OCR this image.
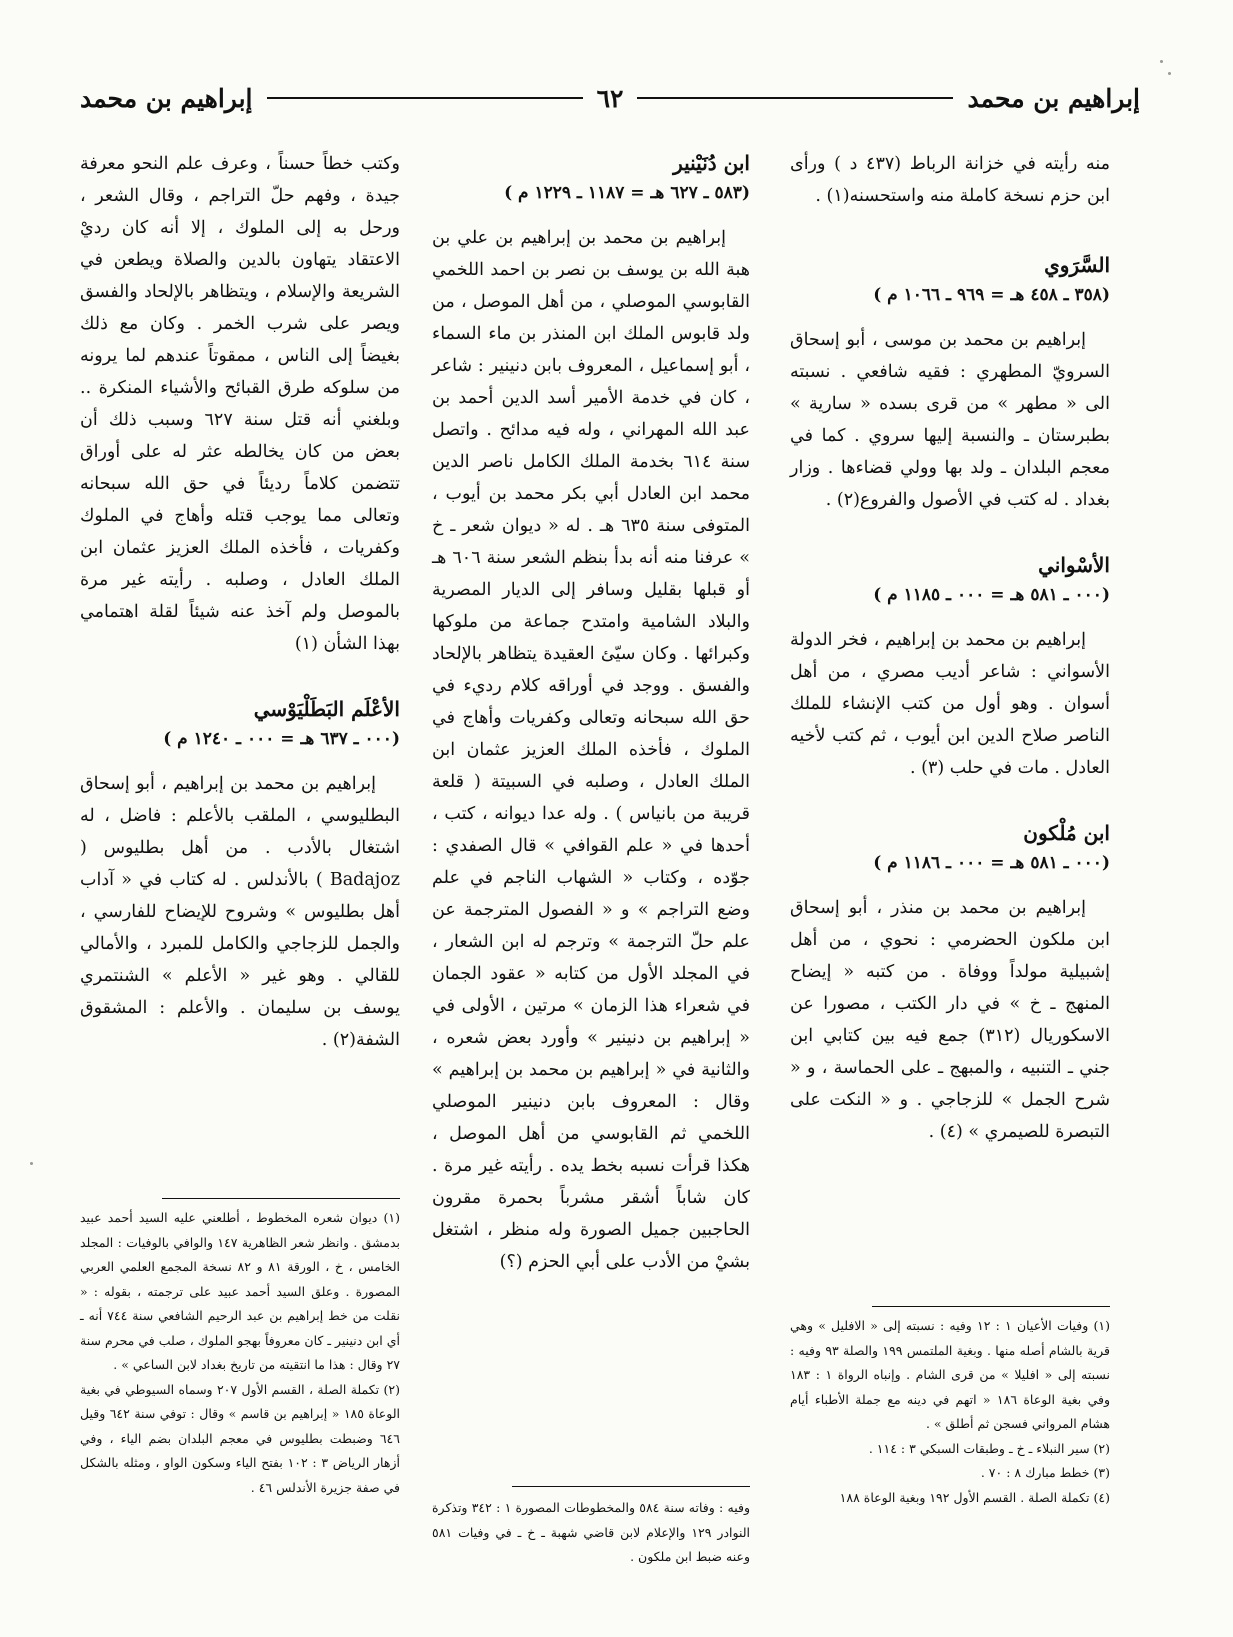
إبراهيم بن محمد
٦٢
إبراهيم بن محمد

منه رأيته في خزانة الرباط (٤٣٧ د ) ورأى ابن حزم نسخة كاملة منه واستحسنه(١) .

السَّرَوي

(٣٥٨ ـ ٤٥٨ هـ = ٩٦٩ ـ ١٠٦٦ م )

إبراهيم بن محمد بن موسى ، أبو إسحاق السرويّ المطهري : فقيه شافعي . نسبته الى « مطهر » من قرى بسده « سارية » بطبرستان ـ والنسبة إليها سروي . كما في معجم البلدان ـ ولد بها وولي قضاءها . وزار بغداد . له كتب في الأصول والفروع(٢) .

الأسْواني

(٠٠٠ ـ ٥٨١ هـ = ٠٠٠ ـ ١١٨٥ م )

إبراهيم بن محمد بن إبراهيم ، فخر الدولة الأسواني : شاعر أديب مصري ، من أهل أسوان . وهو أول من كتب الإنشاء للملك الناصر صلاح الدين ابن أيوب ، ثم كتب لأخيه العادل . مات في حلب (٣) .

ابن مُلْكون

(٠٠٠ ـ ٥٨١ هـ = ٠٠٠ ـ ١١٨٦ م )

إبراهيم بن محمد بن منذر ، أبو إسحاق ابن ملكون الحضرمي : نحوي ، من أهل إشبيلية مولداً ووفاة . من كتبه « إيضاح المنهج ـ خ » في دار الكتب ، مصورا عن الاسكوريال (٣١٢) جمع فيه بين كتابي ابن جني ـ التنبيه ، والمبهج ـ على الحماسة ، و « شرح الجمل » للزجاجي . و « النكت على التبصرة للصيمري » (٤) .

ابن دُنَيْنير

(٥٨٣ ـ ٦٢٧ هـ = ١١٨٧ ـ ١٢٢٩ م )

إبراهيم بن محمد بن إبراهيم بن علي بن هبة الله بن يوسف بن نصر بن احمد اللخمي القابوسي الموصلي ، من أهل الموصل ، من ولد قابوس الملك ابن المنذر بن ماء السماء ، أبو إسماعيل ، المعروف بابن دنينير : شاعر ، كان في خدمة الأمير أسد الدين أحمد بن عبد الله المهراني ، وله فيه مدائح . واتصل سنة ٦١٤ بخدمة الملك الكامل ناصر الدين محمد ابن العادل أبي بكر محمد بن أيوب ، المتوفى سنة ٦٣٥ هـ . له « ديوان شعر ـ خ » عرفنا منه أنه بدأ بنظم الشعر سنة ٦٠٦ هـ أو قبلها بقليل وسافر إلى الديار المصرية والبلاد الشامية وامتدح جماعة من ملوكها وكبرائها . وكان سيّئ العقيدة يتظاهر بالإلحاد والفسق . ووجد في أوراقه كلام رديء في حق الله سبحانه وتعالى وكفريات وأهاج في الملوك ، فأخذه الملك العزيز عثمان ابن الملك العادل ، وصلبه في السبيتة ( قلعة قريبة من بانياس ) . وله عدا ديوانه ، كتب ، أحدها في « علم القوافي » قال الصفدي : جوّده ، وكتاب « الشهاب الناجم في علم وضع التراجم » و « الفصول المترجمة عن علم حلّ الترجمة » وترجم له ابن الشعار ، في المجلد الأول من كتابه « عقود الجمان في شعراء هذا الزمان » مرتين ، الأولى في « إبراهيم بن دنينير » وأورد بعض شعره ، والثانية في « إبراهيم بن محمد بن إبراهيم » وقال : المعروف بابن دنينير الموصلي اللخمي ثم القابوسي من أهل الموصل ، هكذا قرأت نسبه بخط يده . رأيته غير مرة . كان شاباً أشقر مشرباً بحمرة مقرون الحاجبين جميل الصورة وله منظر ، اشتغل بشيْ من الأدب على أبي الحزم (؟)

وكتب خطاً حسناً ، وعرف علم النحو معرفة جيدة ، وفهم حلّ التراجم ، وقال الشعر ، ورحل به إلى الملوك ، إلا أنه كان رديْ الاعتقاد يتهاون بالدين والصلاة ويطعن في الشريعة والإسلام ، ويتظاهر بالإلحاد والفسق ويصر على شرب الخمر . وكان مع ذلك بغيضاً إلى الناس ، ممقوتاً عندهم لما يرونه من سلوكه طرق القبائح والأشياء المنكرة .. وبلغني أنه قتل سنة ٦٢٧ وسبب ذلك أن بعض من كان يخالطه عثر له على أوراق تتضمن كلاماً رديئاً في حق الله سبحانه وتعالى مما يوجب قتله وأهاج في الملوك وكفريات ، فأخذه الملك العزيز عثمان ابن الملك العادل ، وصلبه . رأيته غير مرة بالموصل ولم آخذ عنه شيئاً لقلة اهتمامي بهذا الشأن (١)

الأعْلَم البَطَلْيَوْسي

(٠٠٠ ـ ٦٣٧ هـ = ٠٠٠ ـ ١٢٤٠ م )

إبراهيم بن محمد بن إبراهيم ، أبو إسحاق البطليوسي ، الملقب بالأعلم : فاضل ، له اشتغال بالأدب . من أهل بطليوس ( Badajoz ) بالأندلس . له كتاب في « آداب أهل بطليوس » وشروح للإيضاح للفارسي ، والجمل للزجاجي والكامل للمبرد ، والأمالي للقالي . وهو غير « الأعلم » الشنتمري يوسف بن سليمان . والأعلم : المشقوق الشفة(٢) .

(١) وفيات الأعيان ١ : ١٢ وفيه : نسبته إلى « الافليل » وهي قرية بالشام أصله منها . وبغية الملتمس ١٩٩ والصلة ٩٣ وفيه : نسبته إلى « افليلا » من قرى الشام . وإنباه الرواة ١ : ١٨٣ وفي بغية الوعاة ١٨٦ « اتهم في دينه مع جملة الأطباء أيام هشام المرواني فسجن ثم أطلق » .

(٢) سير النبلاء ـ خ ـ وطبقات السبكي ٣ : ١١٤ .

(٣) خطط مبارك ٨ : ٧٠ .

(٤) تكملة الصلة . القسم الأول ١٩٢ وبغية الوعاة ١٨٨

وفيه : وفاته سنة ٥٨٤ والمخطوطات المصورة ١ : ٣٤٢ وتذكرة النوادر ١٢٩ والإعلام لابن قاضي شهبة ـ خ ـ في وفيات ٥٨١ وعنه ضبط ابن ملكون .

(١) ديوان شعره المخطوط ، أطلعني عليه السيد أحمد عبيد بدمشق . وانظر شعر الظاهرية ١٤٧ والوافي بالوفيات : المجلد الخامس ، خ ، الورقة ٨١ و ٨٢ نسخة المجمع العلمي العربي المصورة . وعلق السيد أحمد عبيد على ترجمته ، بقوله : « نقلت من خط إبراهيم بن عبد الرحيم الشافعي سنة ٧٤٤ أنه ـ أي ابن دنينير ـ كان معروفاً بهجو الملوك ، صلب في محرم سنة ٢٧ وقال : هذا ما انتقيته من تاريخ بغداد لابن الساعي » .

(٢) تكملة الصلة ، القسم الأول ٢٠٧ وسماه السيوطي في بغية الوعاة ١٨٥ « إبراهيم بن قاسم » وقال : توفي سنة ٦٤٢ وقيل ٦٤٦ وضبطت بطليوس في معجم البلدان بضم الياء ، وفي أزهار الرياض ٣ : ١٠٢ بفتح الياء وسكون الواو ، ومثله بالشكل في صفة جزيرة الأندلس ٤٦ .
